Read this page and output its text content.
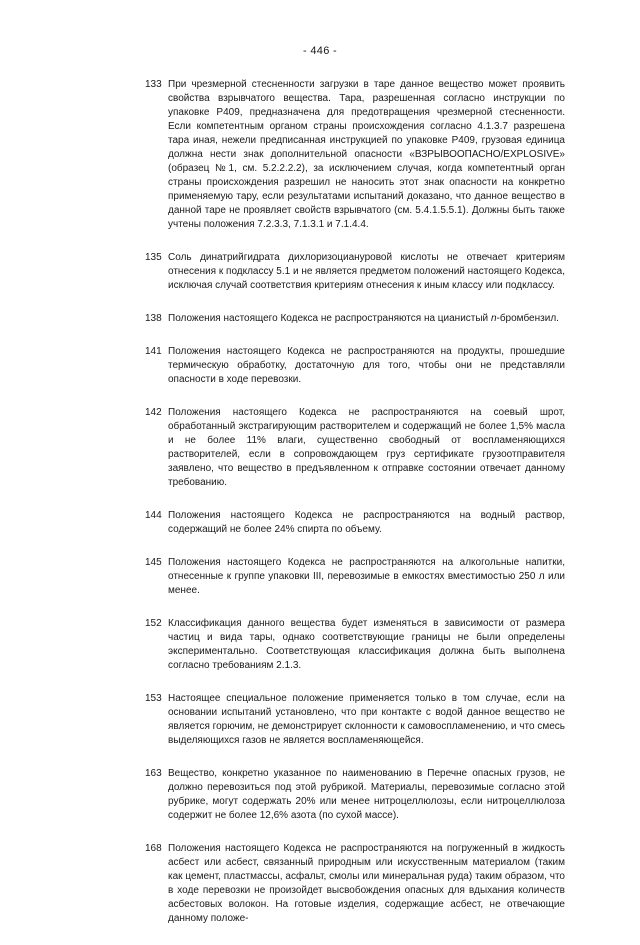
- 446 -
133 При чрезмерной стесненности загрузки в таре данное вещество может проявить свойства взрывчатого вещества. Тара, разрешенная согласно инструкции по упаковке P409, предназначена для предотвращения чрезмерной стесненности. Если компетентным органом страны происхождения согласно 4.1.3.7 разрешена тара иная, нежели предписанная инструкцией по упаковке P409, грузовая единица должна нести знак дополнительной опасности «ВЗРЫВООПАСНО/EXPLOSIVE» (образец №1, см. 5.2.2.2.2), за исключением случая, когда компетентный орган страны происхождения разрешил не наносить этот знак опасности на конкретно применяемую тару, если результатами испытаний доказано, что данное вещество в данной таре не проявляет свойств взрывчатого (см. 5.4.1.5.5.1). Должны быть также учтены положения 7.2.3.3, 7.1.3.1 и 7.1.4.4.
135 Соль динатрийгидрата дихлоризоциануровой кислоты не отвечает критериям отнесения к подклассу 5.1 и не является предметом положений настоящего Кодекса, исключая случай соответствия критериям отнесения к иным классу или подклассу.
138 Положения настоящего Кодекса не распространяются на цианистый n-бромбензил.
141 Положения настоящего Кодекса не распространяются на продукты, прошедшие термическую обработку, достаточную для того, чтобы они не представляли опасности в ходе перевозки.
142 Положения настоящего Кодекса не распространяются на соевый шрот, обработанный экстрагирующим растворителем и содержащий не более 1,5% масла и не более 11% влаги, существенно свободный от воспламеняющихся растворителей, если в сопровождающем груз сертификате грузоотправителя заявлено, что вещество в предъявленном к отправке состоянии отвечает данному требованию.
144 Положения настоящего Кодекса не распространяются на водный раствор, содержащий не более 24% спирта по объему.
145 Положения настоящего Кодекса не распространяются на алкогольные напитки, отнесенные к группе упаковки III, перевозимые в емкостях вместимостью 250 л или менее.
152 Классификация данного вещества будет изменяться в зависимости от размера частиц и вида тары, однако соответствующие границы не были определены экспериментально. Соответствующая классификация должна быть выполнена согласно требованиям 2.1.3.
153 Настоящее специальное положение применяется только в том случае, если на основании испытаний установлено, что при контакте с водой данное вещество не является горючим, не демонстрирует склонности к самовоспламенению, и что смесь выделяющихся газов не является воспламеняющейся.
163 Вещество, конкретно указанное по наименованию в Перечне опасных грузов, не должно перевозиться под этой рубрикой. Материалы, перевозимые согласно этой рубрике, могут содержать 20% или менее нитроцеллюлозы, если нитроцеллюлоза содержит не более 12,6% азота (по сухой массе).
168 Положения настоящего Кодекса не распространяются на погруженный в жидкость асбест или асбест, связанный природным или искусственным материалом (таким как цемент, пластмассы, асфальт, смолы или минеральная руда) таким образом, что в ходе перевозки не произойдет высвобождения опасных для вдыхания количеств асбестовых волокон. На готовые изделия, содержащие асбест, не отвечающие данному положе-
